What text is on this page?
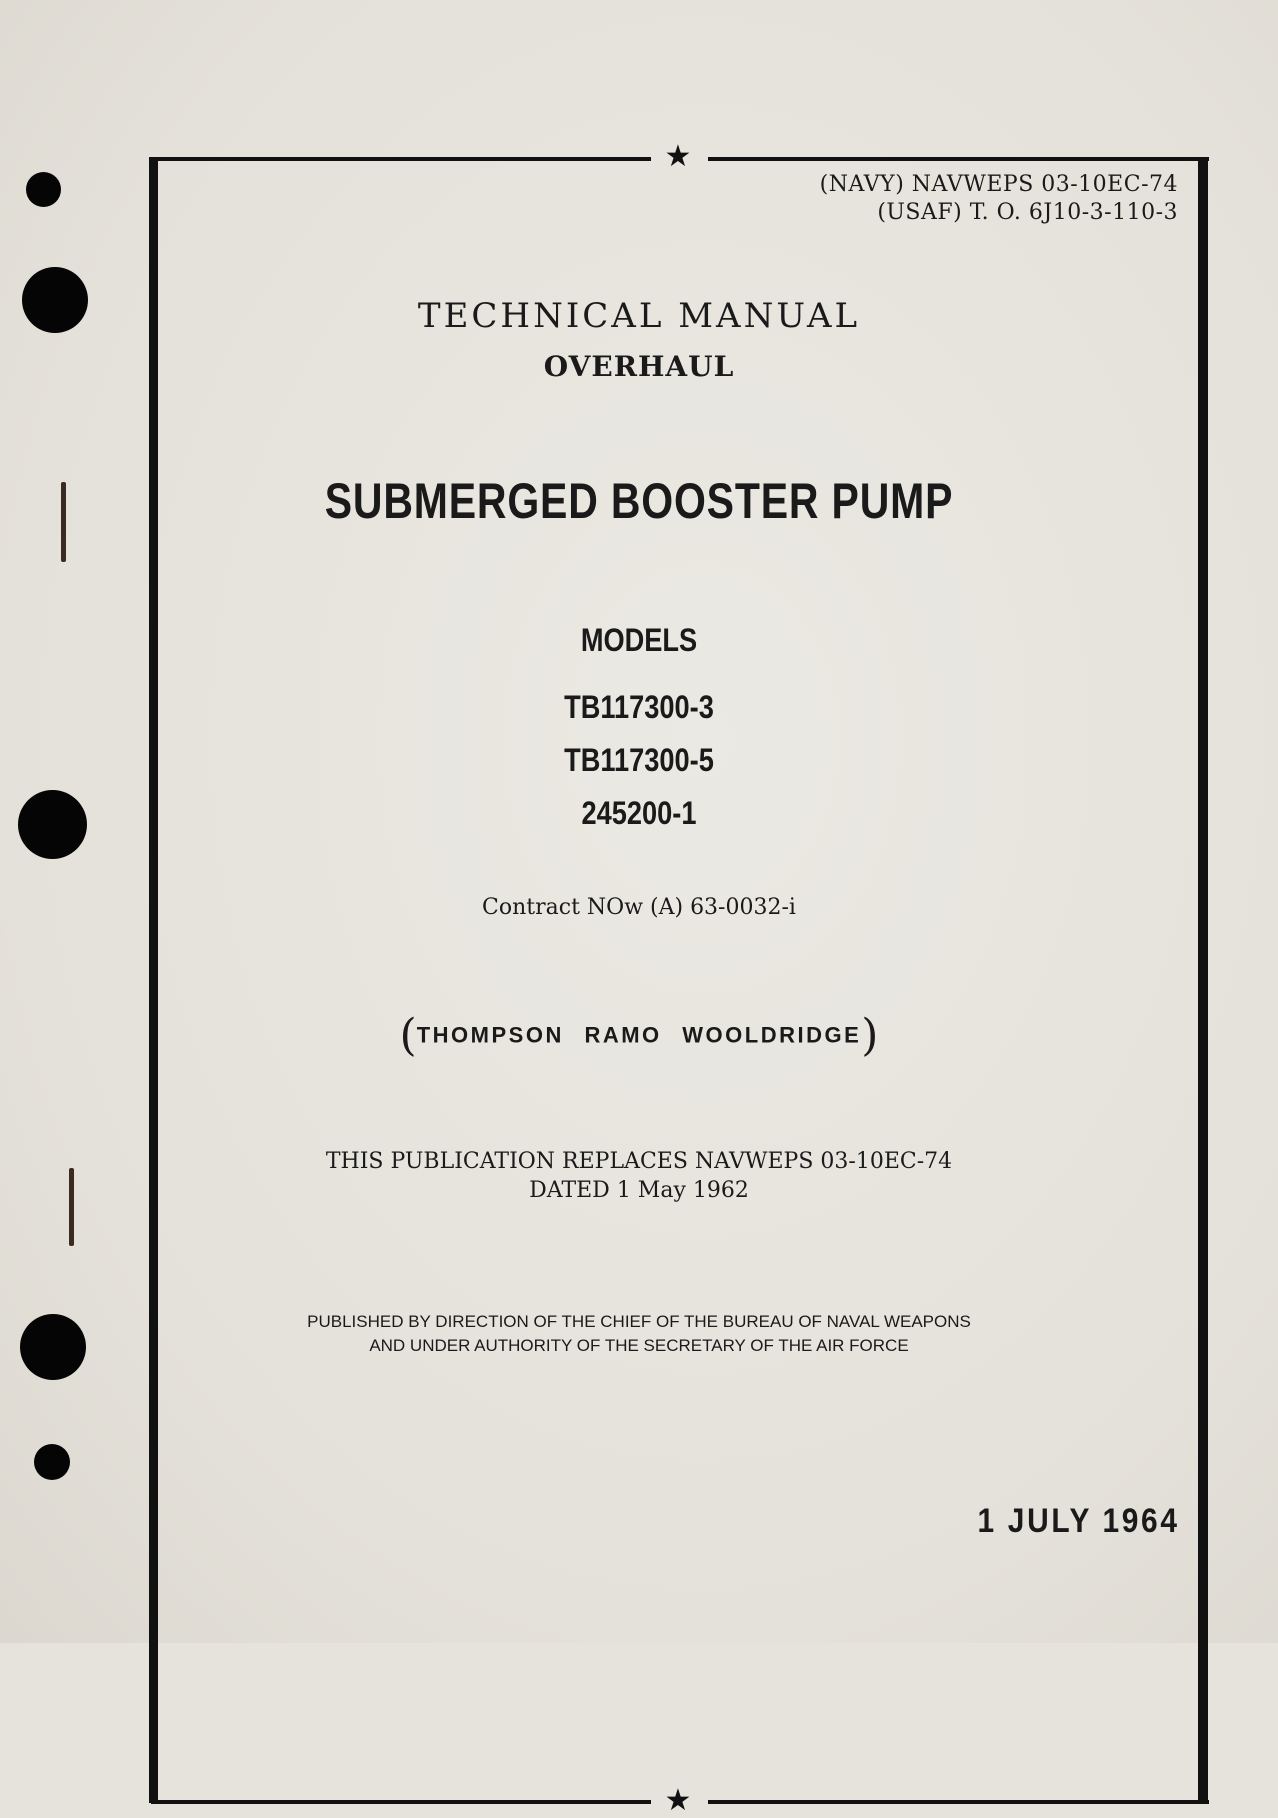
★
★
(NAVY) NAVWEPS 03-10EC-74
(USAF) T. O. 6J10-3-110-3
TECHNICAL MANUAL
OVERHAUL
SUBMERGED BOOSTER PUMP
MODELS
TB117300-3
TB117300-5
245200-1
Contract NOw (A) 63-0032-i
(THOMPSON RAMO WOOLDRIDGE)
THIS PUBLICATION REPLACES NAVWEPS 03-10EC-74
DATED 1 May 1962
PUBLISHED BY DIRECTION OF THE CHIEF OF THE BUREAU OF NAVAL WEAPONS
AND UNDER AUTHORITY OF THE SECRETARY OF THE AIR FORCE
1 JULY 1964
